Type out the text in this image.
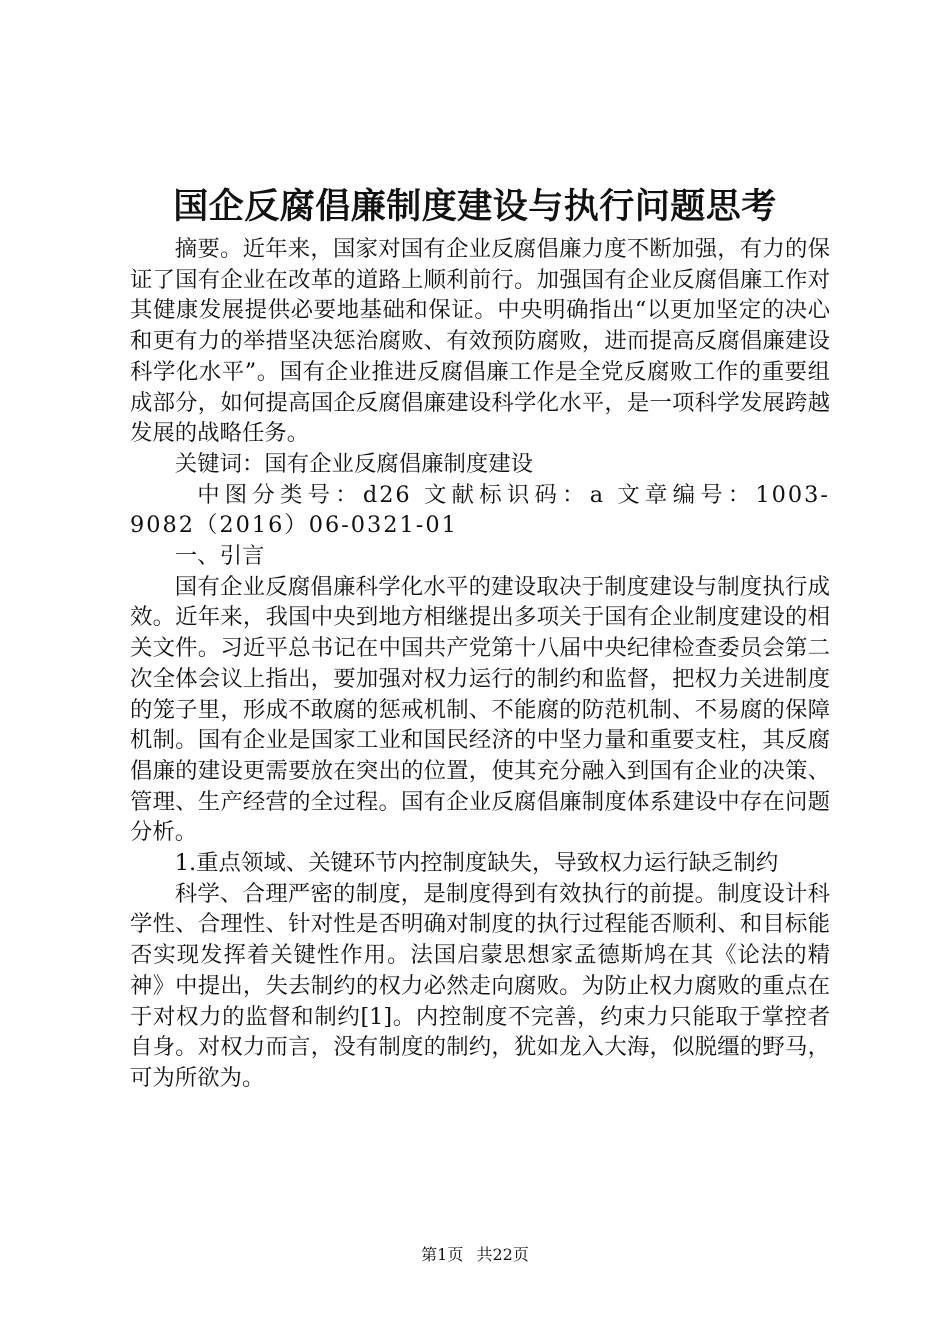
国企反腐倡廉制度建设与执行问题思考

摘要。近年来，国家对国有企业反腐倡廉力度不断加强，有力的保证了国有企业在改革的道路上顺利前行。加强国有企业反腐倡廉工作对其健康发展提供必要地基础和保证。中央明确指出“以更加坚定的决心和更有力的举措坚决惩治腐败、有效预防腐败，进而提高反腐倡廉建设科学化水平”。国有企业推进反腐倡廉工作是全党反腐败工作的重要组成部分，如何提高国企反腐倡廉建设科学化水平，是一项科学发展跨越发展的战略任务。

关键词：国有企业反腐倡廉制度建设

中图分类号：d26 文献标识码：a 文章编号：1003-9082（2016）06-0321-01

一、引言

国有企业反腐倡廉科学化水平的建设取决于制度建设与制度执行成效。近年来，我国中央到地方相继提出多项关于国有企业制度建设的相关文件。习近平总书记在中国共产党第十八届中央纪律检查委员会第二次全体会议上指出，要加强对权力运行的制约和监督，把权力关进制度的笼子里，形成不敢腐的惩戒机制、不能腐的防范机制、不易腐的保障机制。国有企业是国家工业和国民经济的中坚力量和重要支柱，其反腐倡廉的建设更需要放在突出的位置，使其充分融入到国有企业的决策、管理、生产经营的全过程。国有企业反腐倡廉制度体系建设中存在问题分析。

1.重点领域、关键环节内控制度缺失，导致权力运行缺乏制约

科学、合理严密的制度，是制度得到有效执行的前提。制度设计科学性、合理性、针对性是否明确对制度的执行过程能否顺利、和目标能否实现发挥着关键性作用。法国启蒙思想家孟德斯鸠在其《论法的精神》中提出，失去制约的权力必然走向腐败。为防止权力腐败的重点在于对权力的监督和制约[1]。内控制度不完善，约束力只能取于掌控者自身。对权力而言，没有制度的制约，犹如龙入大海，似脱缰的野马，可为所欲为。

第1页 共22页
